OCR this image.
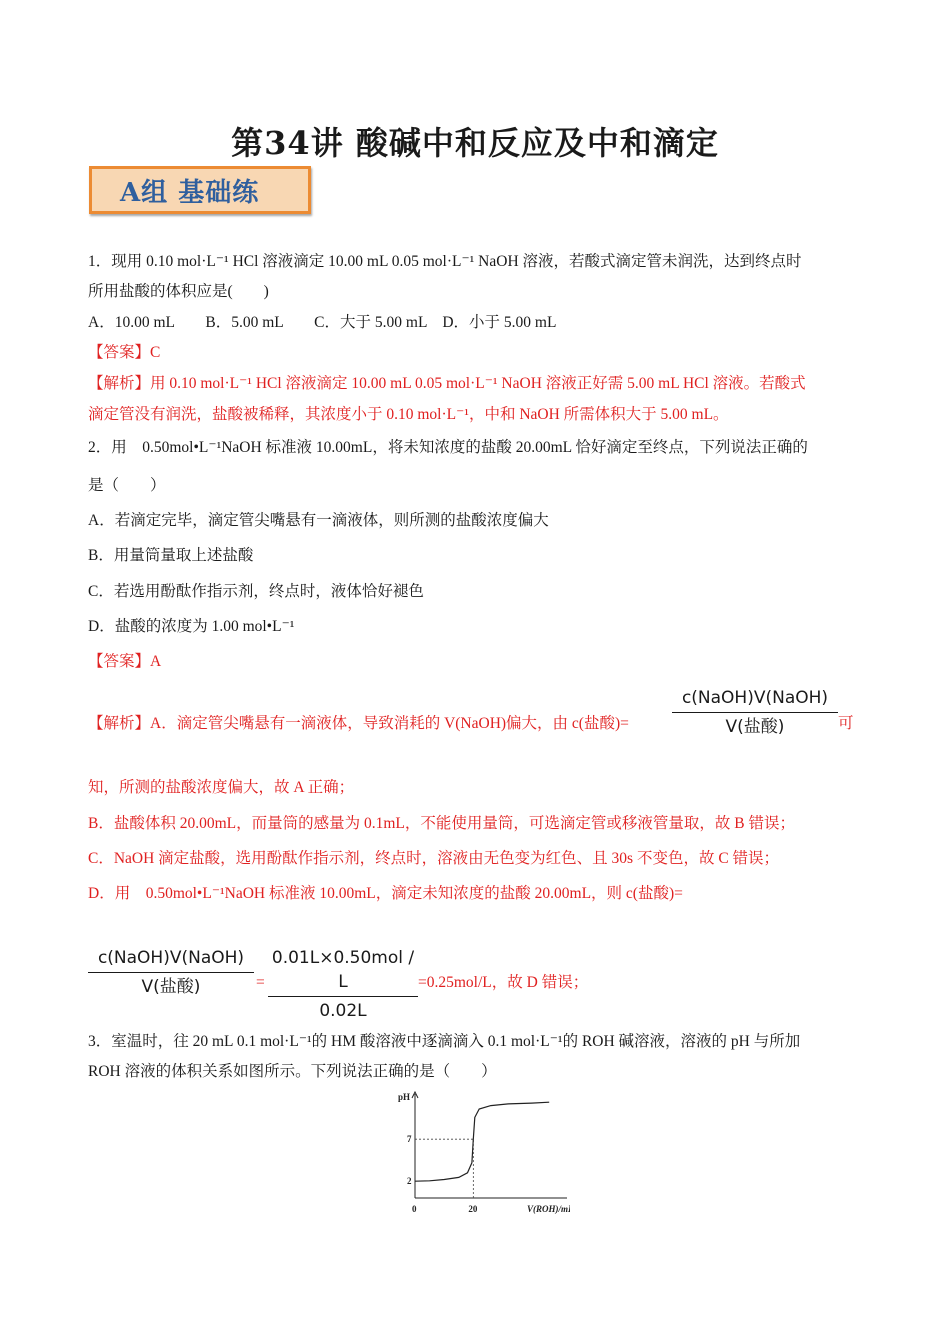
第34讲 酸碱中和反应及中和滴定
A组 基础练
1．现用 0.10 mol·L⁻¹ HCl 溶液滴定 10.00 mL 0.05 mol·L⁻¹ NaOH 溶液，若酸式滴定管未润洗，达到终点时
所用盐酸的体积应是(　　)
A．10.00 mL　　B．5.00 mL　　C．大于 5.00 mL　D．小于 5.00 mL
【答案】C
【解析】用 0.10 mol·L⁻¹ HCl 溶液滴定 10.00 mL 0.05 mol·L⁻¹ NaOH 溶液正好需 5.00 mL HCl 溶液。若酸式
滴定管没有润洗，盐酸被稀释，其浓度小于 0.10 mol·L⁻¹，中和 NaOH 所需体积大于 5.00 mL。
2．用　0.50mol•L⁻¹NaOH 标准液 10.00mL，将未知浓度的盐酸 20.00mL 恰好滴定至终点，下列说法正确的
是（　　）
A．若滴定完毕，滴定管尖嘴悬有一滴液体，则所测的盐酸浓度偏大
B．用量筒量取上述盐酸
C．若选用酚酞作指示剂，终点时，液体恰好褪色
D．盐酸的浓度为 1.00 mol•L⁻¹
【答案】A
【解析】A．滴定管尖嘴悬有一滴液体，导致消耗的 V(NaOH)偏大，由 c(盐酸)=
c(NaOH)V(NaOH)
V(盐酸)	可
知，所测的盐酸浓度偏大，故 A 正确；
B．盐酸体积 20.00mL，而量筒的感量为 0.1mL，不能使用量筒，可选滴定管或移液管量取，故 B 错误；
C．NaOH 滴定盐酸，选用酚酞作指示剂，终点时，溶液由无色变为红色、且 30s 不变色，故 C 错误；
D．用　0.50mol•L⁻¹NaOH 标准液 10.00mL，滴定未知浓度的盐酸 20.00mL，则 c(盐酸)=
c(NaOH)V(NaOH)
V(盐酸)	=
0.01L×0.50mol / L
0.02L
=0.25mol/L，故 D 错误；
3．室温时，往 20 mL 0.1 mol·L⁻¹的 HM 酸溶液中逐滴滴入 0.1 mol·L⁻¹的 ROH 碱溶液，溶液的 pH 与所加
ROH 溶液的体积关系如图所示。下列说法正确的是（　　）
pH
V(ROH)/mL
7
2
0	20
